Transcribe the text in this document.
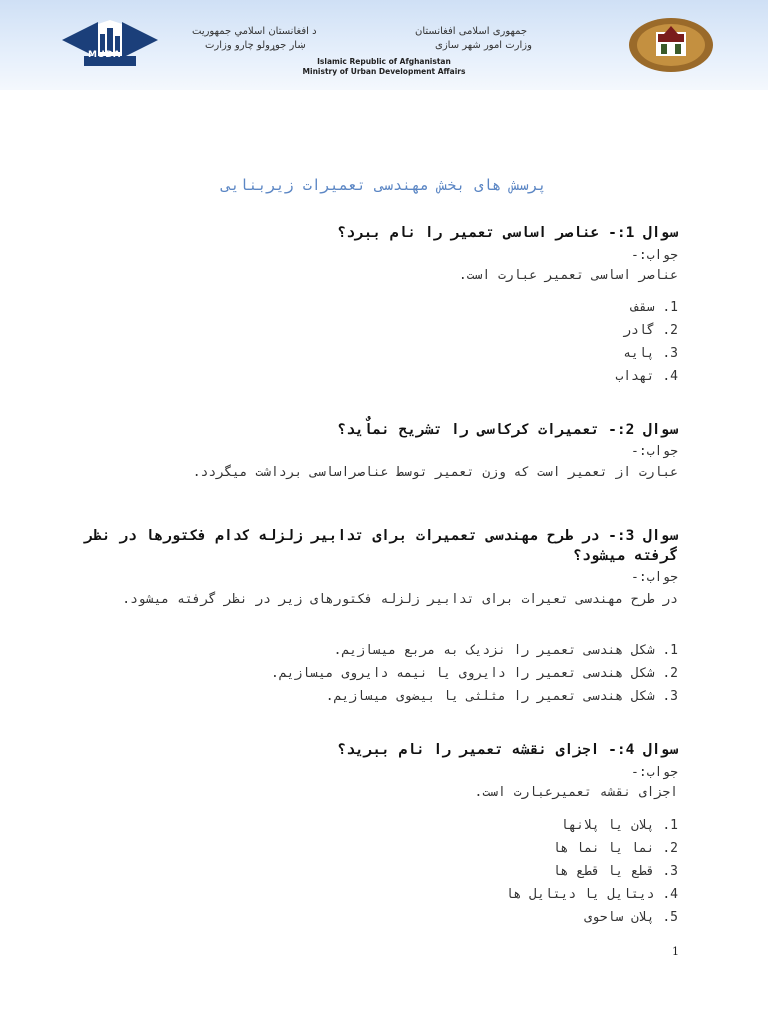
MUDA
جمهوری اسلامی افغانستان
وزارت امور شهر سازی
د افغانستان اسلامي جمهوریت
ښار جوړولو چارو وزارت
Islamic Republic of Afghanistan
Ministry of Urban Development Affairs
پرسش های بخش مهندسی تعمیرات زیربنایی
سوال 1:- عناصر اساسی تعمیر را نام ببرد؟
جواب:-
عناصر اساسی تعمیر عبارت است.
1. سقف
2. گادر
3. پایه
4. تهداب
سوال 2:- تعمیرات کرکاسی را تشریح نماٌید؟
جواب:-
عبارت از تعمیر است که وزن تعمیر توسط عناصراساسی برداشت میگردد.
سوال 3:- در طرح مهندسی تعمیرات برای تدابیر زلزله کدام فکتورها در نظر گرفته میشود؟
جواب:-
در طرح مهندسی تعیرات برای تدابیر زلزله فکتورهای زیر در نظر گرفته میشود.
1. شکل هندسی تعمیر را نزدیک به مربع میسازیم.
2. شکل هندسی تعمیر را دایروی یا نیمه دایروی میسازیم.
3. شکل هندسی تعمیر را مثلثی یا بیضوی میسازیم.
سوال 4:- اجزای نقشه تعمیر را نام ببرید؟
جواب:-
اجزای نقشه تعمیرعبارت است.
1. پلان یا پلانها
2. نما یا نما ها
3. قطع یا قطع ها
4. دیتایل یا دیتایل ها
5. پلان ساحوی
1
